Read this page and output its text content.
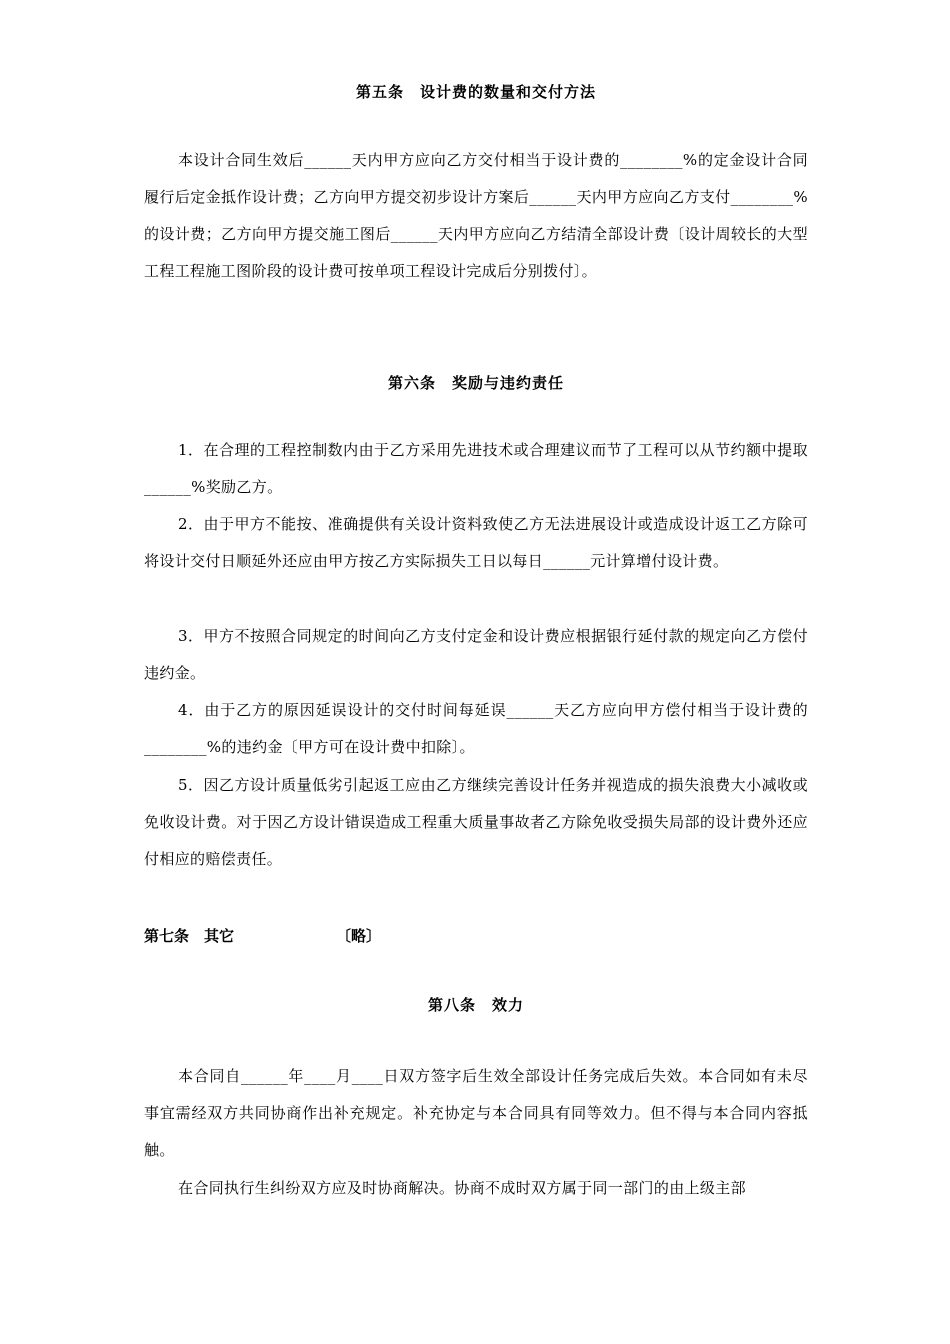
第五条　设计费的数量和交付方法

本设计合同生效后______天内甲方应向乙方交付相当于设计费的________%的定金设计合同履行后定金抵作设计费；乙方向甲方提交初步设计方案后______天内甲方应向乙方支付________%的设计费；乙方向甲方提交施工图后______天内甲方应向乙方结清全部设计费〔设计周较长的大型工程工程施工图阶段的设计费可按单项工程设计完成后分别拨付〕。

第六条　奖励与违约责任

1．在合理的工程控制数内由于乙方采用先进技术或合理建议而节了工程可以从节约额中提取______%奖励乙方。

2．由于甲方不能按、准确提供有关设计资料致使乙方无法进展设计或造成设计返工乙方除可将设计交付日顺延外还应由甲方按乙方实际损失工日以每日______元计算增付设计费。

3．甲方不按照合同规定的时间向乙方支付定金和设计费应根据银行延付款的规定向乙方偿付违约金。

4．由于乙方的原因延误设计的交付时间每延误______天乙方应向甲方偿付相当于设计费的________%的违约金〔甲方可在设计费中扣除〕。

5．因乙方设计质量低劣引起返工应由乙方继续完善设计任务并视造成的损失浪费大小减收或免收设计费。对于因乙方设计错误造成工程重大质量事故者乙方除免收受损失局部的设计费外还应付相应的赔偿责任。

第七条　其它	〔略〕
第八条　效力

本合同自______年____月____日双方签字后生效全部设计任务完成后失效。本合同如有未尽事宜需经双方共同协商作出补充规定。补充协定与本合同具有同等效力。但不得与本合同内容抵触。

在合同执行生纠纷双方应及时协商解决。协商不成时双方属于同一部门的由上级主部
